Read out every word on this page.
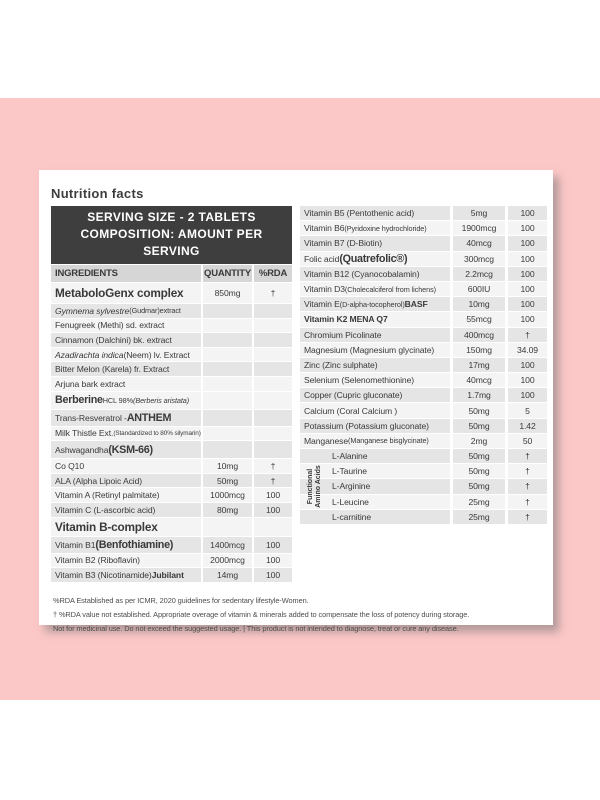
Nutrition facts
SERVING SIZE - 2 TABLETS
COMPOSITION: AMOUNT PER SERVING
INGREDIENTS	QUANTITY %RDA
MetaboloGenx complex	850mg	†
Gymnema sylvestre (Gudmar) extract
Fenugreek (Methi) sd. extract
Cinnamon (Dalchini) bk. extract
Azadirachta indica (Neem) lv. Extract
Bitter Melon (Karela) fr. Extract
Arjuna bark extract
Berberine HCL 98% (Berberis aristata)
Trans-Resveratrol - ANTHEM
Milk Thistle Ext. (Standardized to 80% silymarin)
Ashwagandha (KSM-66)
Co Q10	10mg	†
ALA (Alpha Lipoic Acid)	50mg	†
Vitamin A (Retinyl palmitate)	1000mcg	100
Vitamin C (L-ascorbic acid)	80mg	100
Vitamin B-complex
Vitamin B1 (Benfothiamine)	1400mcg	100
Vitamin B2 (Riboflavin)	2000mcg	100
Vitamin B3 (Nicotinamide) Jubilant	14mg	100
Vitamin B5 (Pentothenic acid)	5mg	100
Vitamin B6 (Pyridoxine hydrochloride)	1900mcg	100
Vitamin B7 (D-Biotin)	40mcg	100
Folic acid (Quatrefolic®)	300mcg	100
Vitamin B12 (Cyanocobalamin)	2.2mcg	100
Vitamin D3 (Cholecalciferol from lichens)	600IU	100
Vitamin E (D-alpha-tocopherol) BASF	10mg	100
Vitamin K2 MENA Q7	55mcg	100
Chromium Picolinate	400mcg	†
Magnesium (Magnesium glycinate)	150mg	34.09
Zinc (Zinc sulphate)	17mg	100
Selenium (Selenomethionine)	40mcg	100
Copper (Cupric gluconate)	1.7mg	100
Calcium (Coral Calcium )	50mg	5
Potassium (Potassium gluconate)	50mg	1.42
Manganese (Manganese bisglycinate)	2mg	50
L-Alanine	50mg	†
L-Taurine	50mg	†
L-Arginine	50mg	†
L-Leucine	25mg	†
L-carnitine	25mg	†
Functional Amino Acids
%RDA Established as per ICMR, 2020 guidelines for sedentary lifestyle-Women.
† %RDA value not established. Appropriate overage of vitamin & minerals added to compensate the loss of potency during storage.
Not for medicinal use. Do not exceed the suggested usage. | This product is not intended to diagnose, treat or cure any disease.
